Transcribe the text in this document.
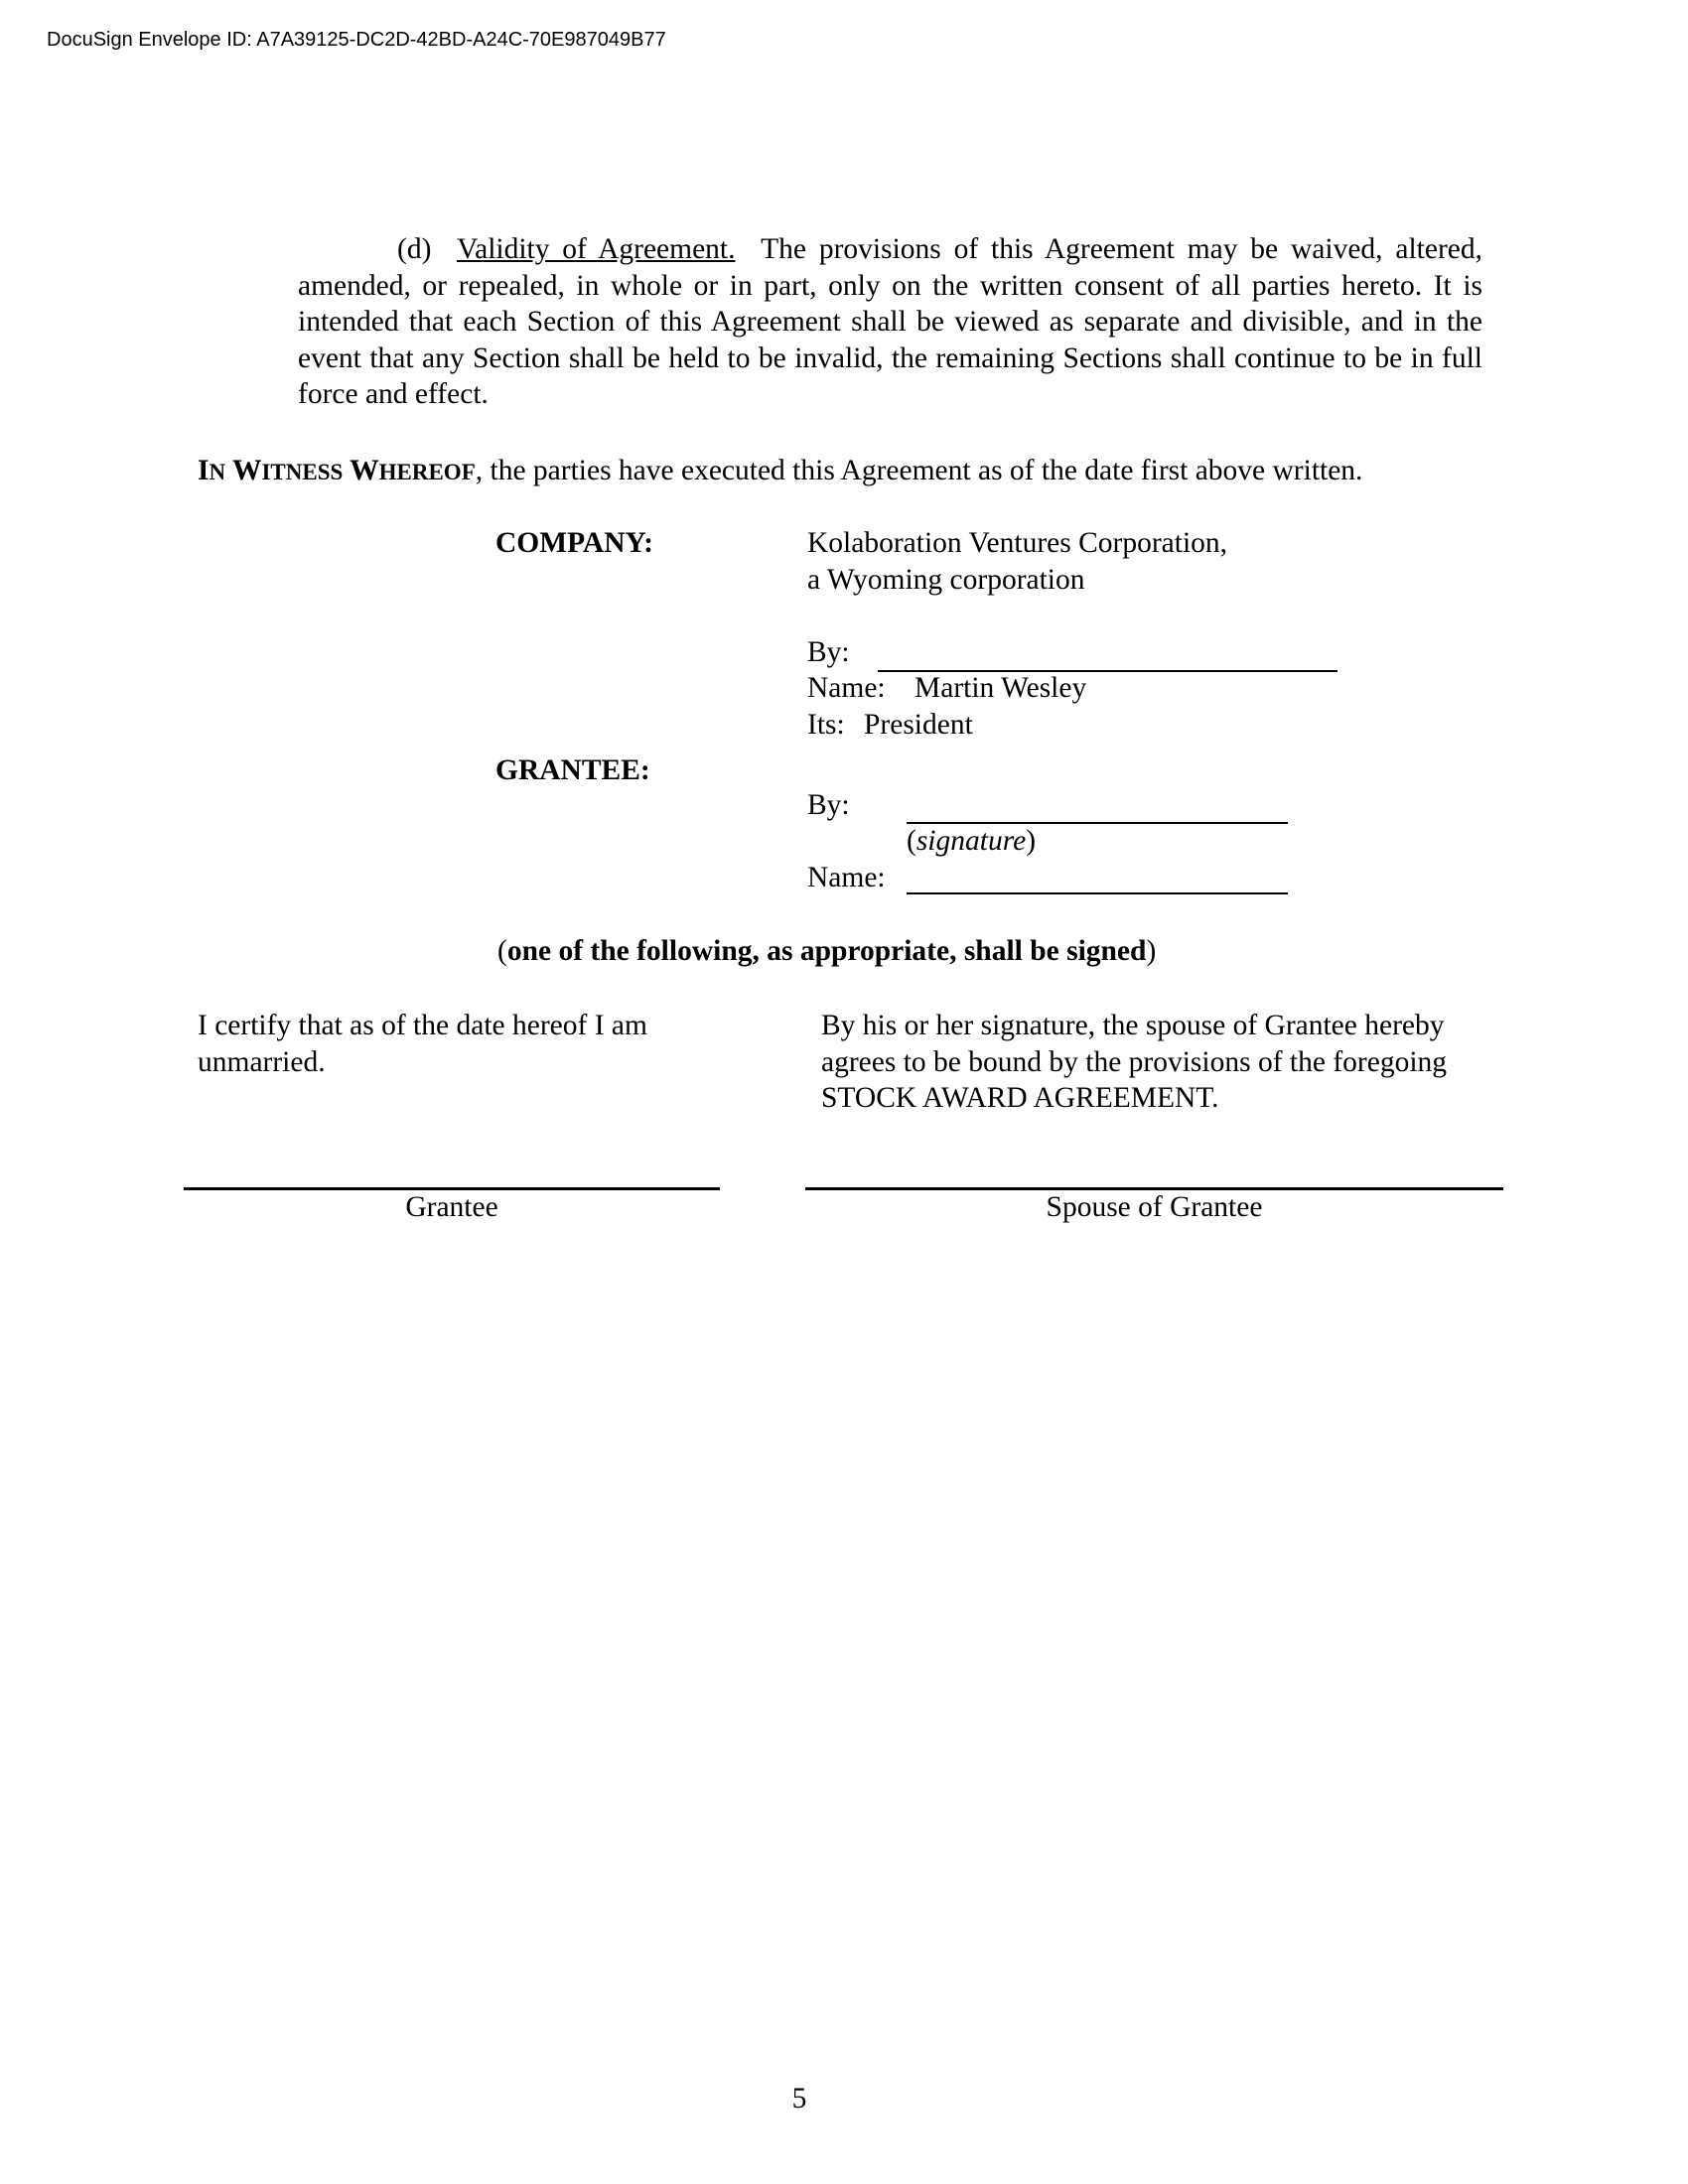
DocuSign Envelope ID: A7A39125-DC2D-42BD-A24C-70E987049B77
(d) Validity of Agreement. The provisions of this Agreement may be waived, altered, amended, or repealed, in whole or in part, only on the written consent of all parties hereto. It is intended that each Section of this Agreement shall be viewed as separate and divisible, and in the event that any Section shall be held to be invalid, the remaining Sections shall continue to be in full force and effect.
IN WITNESS WHEREOF, the parties have executed this Agreement as of the date first above written.
COMPANY:	Kolaboration Ventures Corporation,
a Wyoming corporation
By:
Name: Martin Wesley
Its: President
GRANTEE:
By:
(signature)
Name:
(one of the following, as appropriate, shall be signed)
I certify that as of the date hereof I am unmarried.
By his or her signature, the spouse of Grantee hereby agrees to be bound by the provisions of the foregoing STOCK AWARD AGREEMENT.
Grantee	Spouse of Grantee
5
